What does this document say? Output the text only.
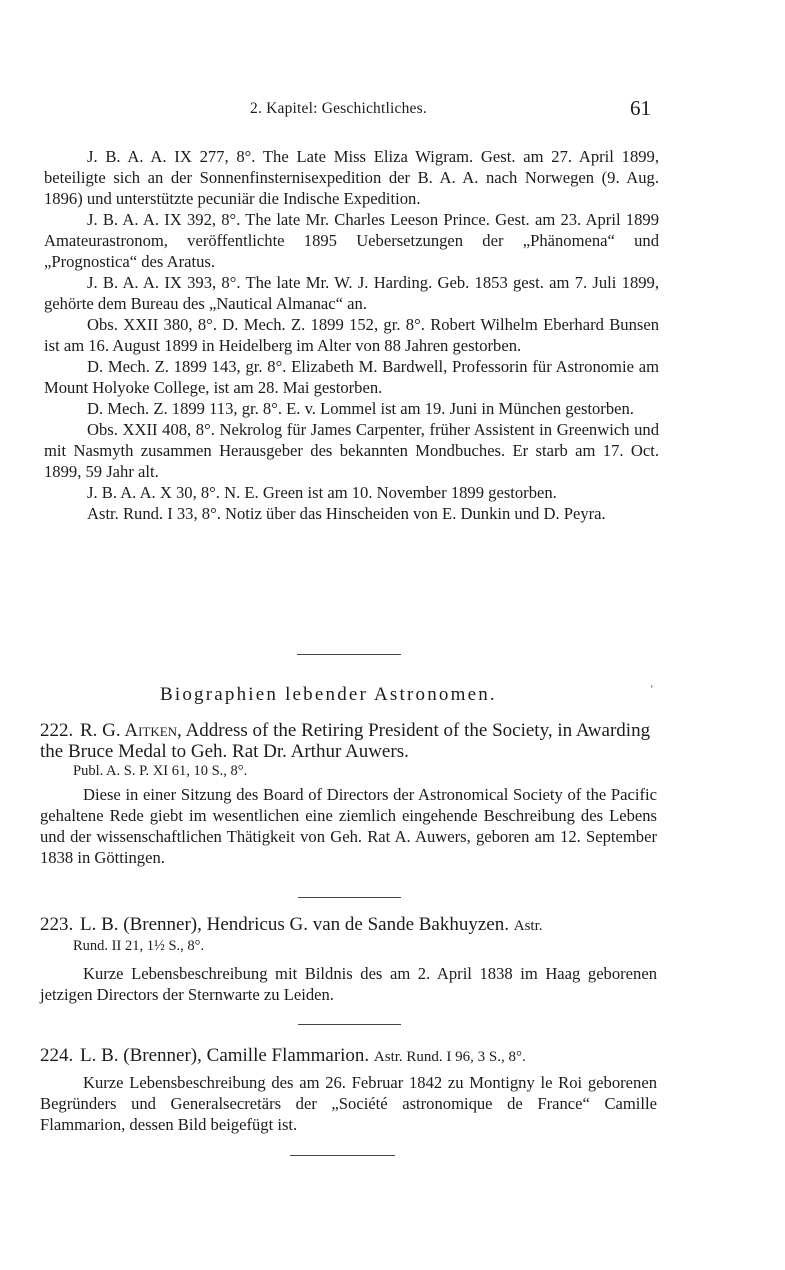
2. Kapitel: Geschichtliches.	61

J. B. A. A. IX 277, 8°. The Late Miss Eliza Wigram. Gest. am 27. April 1899, beteiligte sich an der Sonnenfinsternisexpedition der B. A. A. nach Norwegen (9. Aug. 1896) und unterstützte pecuniär die Indische Expedition.

J. B. A. A. IX 392, 8°. The late Mr. Charles Leeson Prince. Gest. am 23. April 1899 Amateurastronom, veröffentlichte 1895 Uebersetzungen der „Phänomena“ und „Prognostica“ des Aratus.

J. B. A. A. IX 393, 8°. The late Mr. W. J. Harding. Geb. 1853 gest. am 7. Juli 1899, gehörte dem Bureau des „Nautical Almanac“ an.

Obs. XXII 380, 8°. D. Mech. Z. 1899 152, gr. 8°. Robert Wilhelm Eberhard Bunsen ist am 16. August 1899 in Heidelberg im Alter von 88 Jahren gestorben.

D. Mech. Z. 1899 143, gr. 8°. Elizabeth M. Bardwell, Professorin für Astronomie am Mount Holyoke College, ist am 28. Mai gestorben.

D. Mech. Z. 1899 113, gr. 8°. E. v. Lommel ist am 19. Juni in München gestorben.

Obs. XXII 408, 8°. Nekrolog für James Carpenter, früher Assistent in Greenwich und mit Nasmyth zusammen Herausgeber des bekannten Mondbuches. Er starb am 17. Oct. 1899, 59 Jahr alt.

J. B. A. A. X 30, 8°. N. E. Green ist am 10. November 1899 gestorben.

Astr. Rund. I 33, 8°. Notiz über das Hinscheiden von E. Dunkin und D. Peyra.

Biographien lebender Astronomen.	‘
222. R. G. Aitken, Address of the Retiring President of the Society, in Awarding the Bruce Medal to Geh. Rat Dr. Arthur Auwers.
Publ. A. S. P. XI 61, 10 S., 8°.

Diese in einer Sitzung des Board of Directors der Astronomical Society of the Pacific gehaltene Rede giebt im wesentlichen eine ziemlich eingehende Beschreibung des Lebens und der wissenschaftlichen Thätigkeit von Geh. Rat A. Auwers, geboren am 12. September 1838 in Göttingen.

223. L. B. (Brenner), Hendricus G. van de Sande Bakhuyzen. Astr.
Rund. II 21, 1½ S., 8°.

Kurze Lebensbeschreibung mit Bildnis des am 2. April 1838 im Haag geborenen jetzigen Directors der Sternwarte zu Leiden.

224. L. B. (Brenner), Camille Flammarion. Astr. Rund. I 96, 3 S., 8°.

Kurze Lebensbeschreibung des am 26. Februar 1842 zu Montigny le Roi geborenen Begründers und Generalsecretärs der „Société astronomique de France“ Camille Flammarion, dessen Bild beigefügt ist.
